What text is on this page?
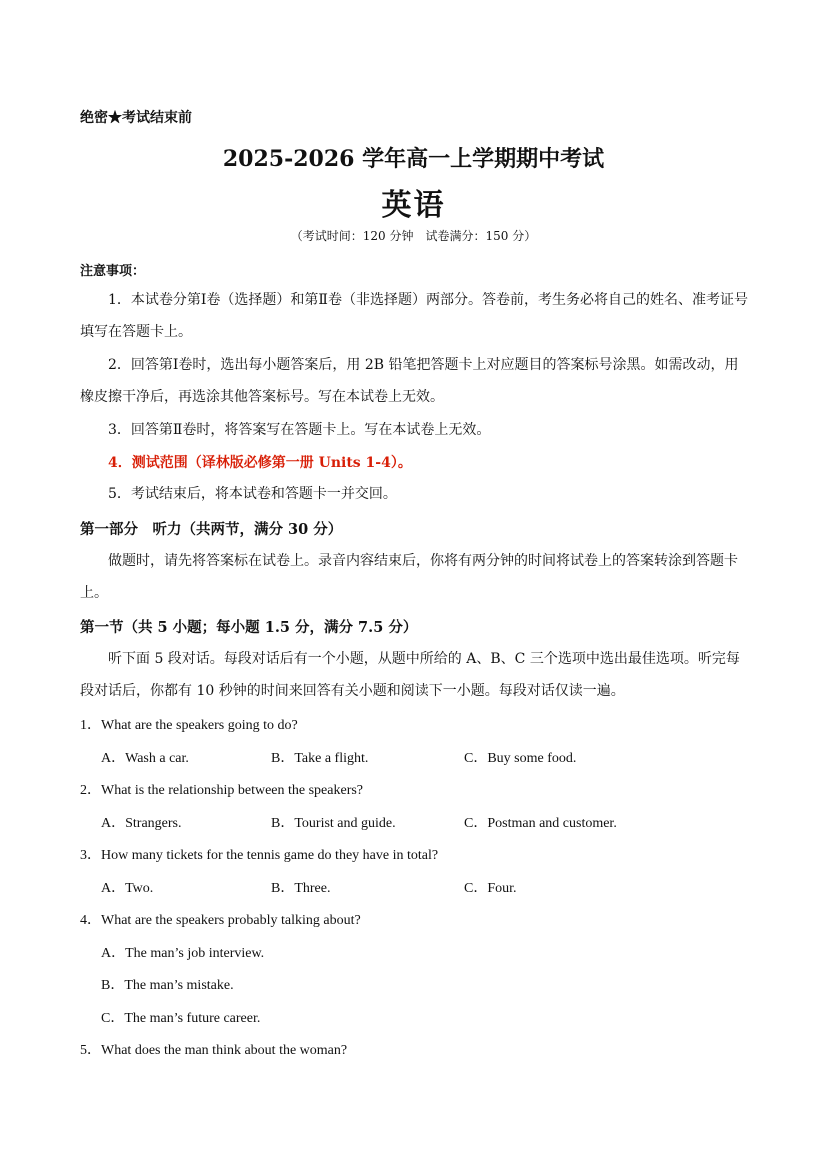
绝密★考试结束前
2025-2026 学年高一上学期期中考试
英语
（考试时间：120 分钟　试卷满分：150 分）
注意事项：
1．本试卷分第Ⅰ卷（选择题）和第Ⅱ卷（非选择题）两部分。答卷前，考生务必将自己的姓名、准考证号填写在答题卡上。
2．回答第Ⅰ卷时，选出每小题答案后，用 2B 铅笔把答题卡上对应题目的答案标号涂黑。如需改动，用橡皮擦干净后，再选涂其他答案标号。写在本试卷上无效。
3．回答第Ⅱ卷时，将答案写在答题卡上。写在本试卷上无效。
4．测试范围（译林版必修第一册 Units 1-4）。
5．考试结束后，将本试卷和答题卡一并交回。
第一部分　听力（共两节，满分 30 分）
做题时，请先将答案标在试卷上。录音内容结束后，你将有两分钟的时间将试卷上的答案转涂到答题卡上。
第一节（共 5 小题；每小题 1.5 分，满分 7.5 分）
听下面 5 段对话。每段对话后有一个小题，从题中所给的 A、B、C 三个选项中选出最佳选项。听完每段对话后，你都有 10 秒钟的时间来回答有关小题和阅读下一小题。每段对话仅读一遍。
1．What are the speakers going to do?
A．Wash a car.	B．Take a flight.	C．Buy some food.
2．What is the relationship between the speakers?
A．Strangers.	B．Tourist and guide.	C．Postman and customer.
3．How many tickets for the tennis game do they have in total?
A．Two.	B．Three.	C．Four.
4．What are the speakers probably talking about?
A．The man’s job interview.
B．The man’s mistake.
C．The man’s future career.
5．What does the man think about the woman?
